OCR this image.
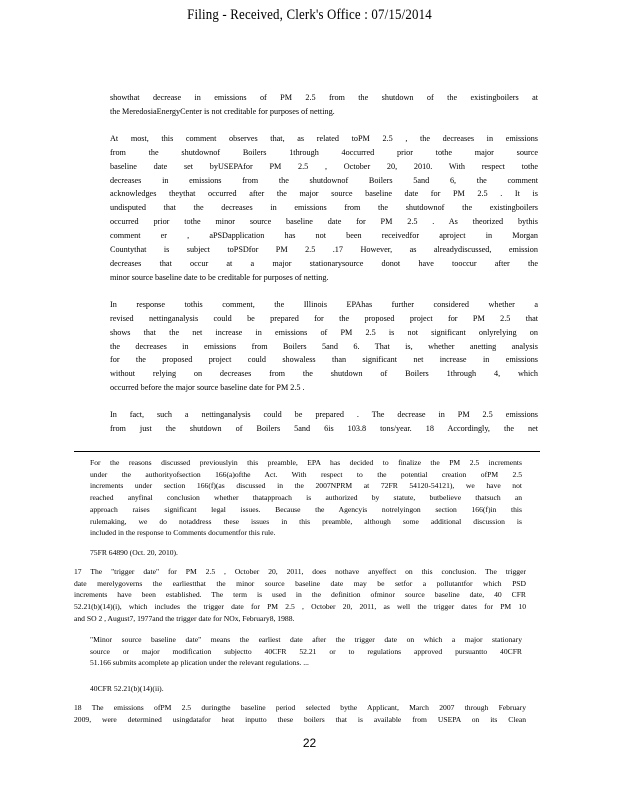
Filing - Received, Clerk's Office : 07/15/2014
showthat decrease in emissions of PM 2.5 from the shutdown of the existingboilers at
the MeredosiaEnergyCenter is not creditable for purposes of netting.
At most, this comment observes that, as related toPM 2.5 , the decreases in emissions
from the shutdownof Boilers 1through 4occurred prior tothe major source
baseline date set byUSEPAfor PM 2.5 , October 20, 2010. With respect tothe
decreases in emissions from the shutdownof Boilers 5and 6, the comment
acknowledges theythat occurred after the major source baseline date for PM 2.5 . It is
undisputed that the decreases in emissions from the shutdownof the existingboilers
occurred prior tothe minor source baseline date for PM 2.5 . As theorized bythis
comment er , aPSDapplication has not been receivedfor aproject in Morgan
Countythat is subject toPSDfor PM 2.5 .17 However, as alreadydiscussed, emission
decreases that occur at a major stationarysource donot have tooccur after the
minor source baseline date to be creditable for purposes of netting.
In response tothis comment, the Illinois EPAhas further considered whether a
revised nettinganalysis could be prepared for the proposed project for PM 2.5 that
shows that the net increase in emissions of PM 2.5 is not significant onlyrelying on
the decreases in emissions from Boilers 5and 6. That is, whether anetting analysis
for the proposed project could showaless than significant net increase in emissions
without relying on decreases from the shutdown of Boilers 1through 4, which
occurred before the major source baseline date for PM 2.5 .
In fact, such a nettinganalysis could be prepared . The decrease in PM 2.5 emissions
from just the shutdown of Boilers 5and 6is 103.8 tons/year. 18 Accordingly, the net
For the reasons discussed previouslyin this preamble, EPA has decided to finalize the PM 2.5 increments
under the authorityofsection 166(a)ofthe Act. With respect to the potential creation ofPM 2.5
increments under section 166(f)(as discussed in the 2007NPRM at 72FR 54120-54121), we have not
reached anyfinal conclusion whether thatapproach is authorized by statute, butbelieve thatsuch an
approach raises significant legal issues. Because the Agencyis notrelyingon section 166(f)in this
rulemaking, we do notaddress these issues in this preamble, although some additional discussion is
included in the response to Comments documentfor this rule.
75FR 64890 (Oct. 20, 2010).
17 The "trigger date" for PM 2.5 , October 20, 2011, does nothave anyeffect on this conclusion. The trigger
date merelygoverns the earliestthat the minor source baseline date may be setfor a pollutantfor which PSD
increments have been established. The term is used in the definition ofminor source baseline date, 40 CFR
52.21(b)(14)(i), which includes the trigger date for PM 2.5 , October 20, 2011, as well the trigger dates for PM 10
and SO 2 , August7, 1977and the trigger date for NOx, February8, 1988.
"Minor source baseline date" means the earliest date after the trigger date on which a major stationary
source or major modification subjectto 40CFR 52.21 or to regulations approved pursuantto 40CFR
51.166 submits acomplete ap plication under the relevant regulations. ...
40CFR 52.21(b)(14)(ii).
18 The emissions ofPM 2.5 duringthe baseline period selected bythe Applicant, March 2007 through February
2009, were determined usingdatafor heat inputto these boilers that is available from USEPA on its Clean
22
